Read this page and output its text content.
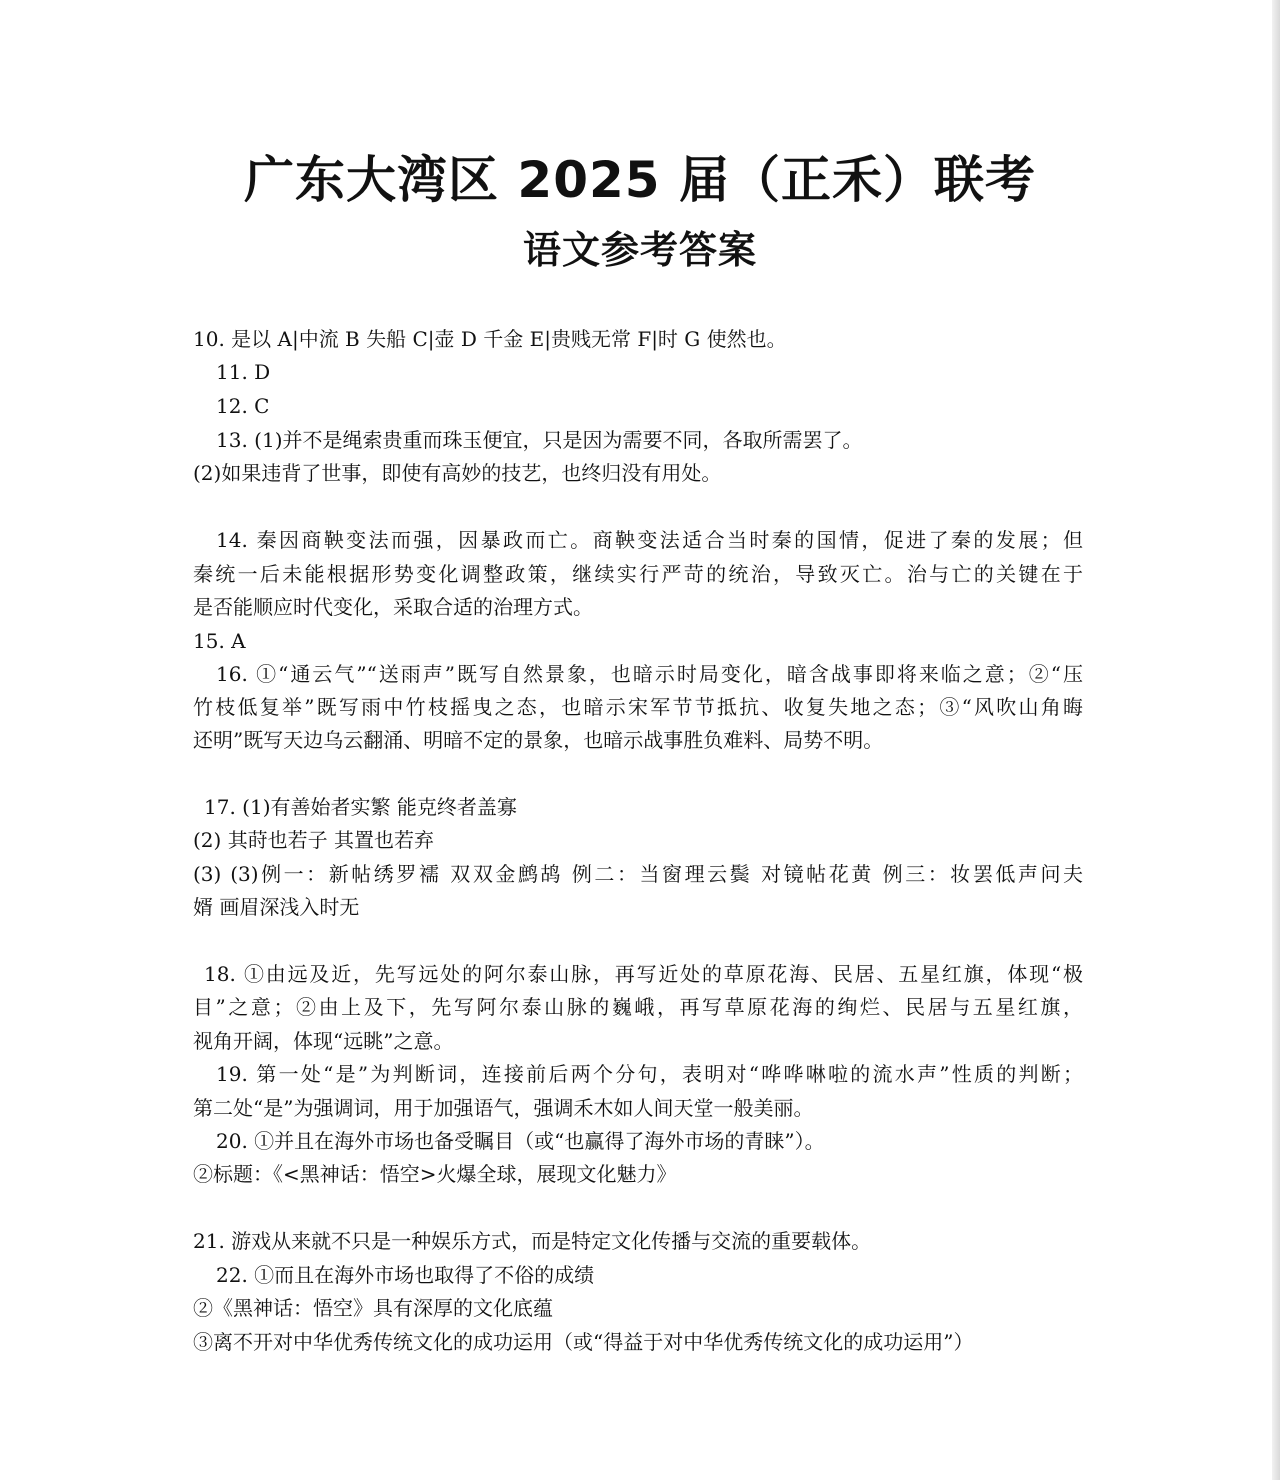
广东大湾区 2025 届（正禾）联考
语文参考答案
10. 是以 A|中流 B 失船 C|壶 D 千金 E|贵贱无常 F|时 G 使然也。
11. D
12. C
13. (1)并不是绳索贵重而珠玉便宜，只是因为需要不同，各取所需罢了。
(2)如果违背了世事，即使有高妙的技艺，也终归没有用处。
14. 秦因商鞅变法而强，因暴政而亡。商鞅变法适合当时秦的国情，促进了秦的发展；但
秦统一后未能根据形势变化调整政策，继续实行严苛的统治，导致灭亡。治与亡的关键在于
是否能顺应时代变化，采取合适的治理方式。
15. A
16. ①“通云气”“送雨声”既写自然景象，也暗示时局变化，暗含战事即将来临之意；②“压
竹枝低复举”既写雨中竹枝摇曳之态，也暗示宋军节节抵抗、收复失地之态；③“风吹山角晦
还明”既写天边乌云翻涌、明暗不定的景象，也暗示战事胜负难料、局势不明。
17. (1)有善始者实繁 能克终者盖寡
(2) 其莳也若子 其置也若弃
(3) (3)例一：新帖绣罗襦 双双金鹧鸪 例二：当窗理云鬓 对镜帖花黄 例三：妆罢低声问夫
婿 画眉深浅入时无
18. ①由远及近，先写远处的阿尔泰山脉，再写近处的草原花海、民居、五星红旗，体现“极
目”之意；②由上及下，先写阿尔泰山脉的巍峨，再写草原花海的绚烂、民居与五星红旗，
视角开阔，体现“远眺”之意。
19. 第一处“是”为判断词，连接前后两个分句，表明对“哗哗啉啦的流水声”性质的判断；
第二处“是”为强调词，用于加强语气，强调禾木如人间天堂一般美丽。
20. ①并且在海外市场也备受瞩目（或“也赢得了海外市场的青睐”）。
②标题：《<黑神话：悟空>火爆全球，展现文化魅力》
21. 游戏从来就不只是一种娱乐方式，而是特定文化传播与交流的重要载体。
22. ①而且在海外市场也取得了不俗的成绩
②《黑神话：悟空》具有深厚的文化底蕴
③离不开对中华优秀传统文化的成功运用（或“得益于对中华优秀传统文化的成功运用”）
